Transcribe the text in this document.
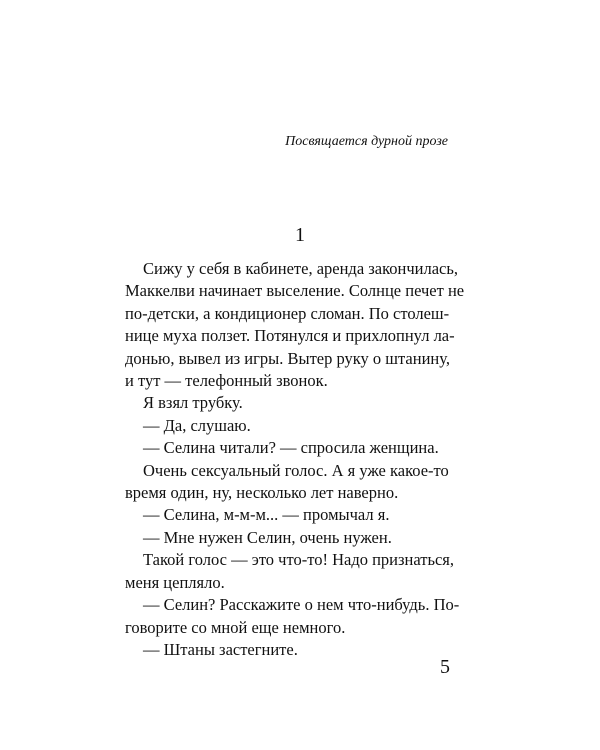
Посвящается дурной прозе
1
Сижу у себя в кабинете, аренда закончилась,
Маккелви начинает выселение. Солнце печет не
по-детски, а кондиционер сломан. По столеш-
нице муха ползет. Потянулся и прихлопнул ла-
донью, вывел из игры. Вытер руку о штанину,
и тут — телефонный звонок.

Я взял трубку.

— Да, слушаю.

— Селина читали? — спросила женщина.

Очень сексуальный голос. А я уже какое-то
время один, ну, несколько лет наверно.

— Селина, м-м-м... — промычал я.

— Мне нужен Селин, очень нужен.

Такой голос — это что-то! Надо признаться,
меня цепляло.
— Селин? Расскажите о нем что-нибудь. По-
говорите со мной еще немного.

— Штаны застегните.

5
